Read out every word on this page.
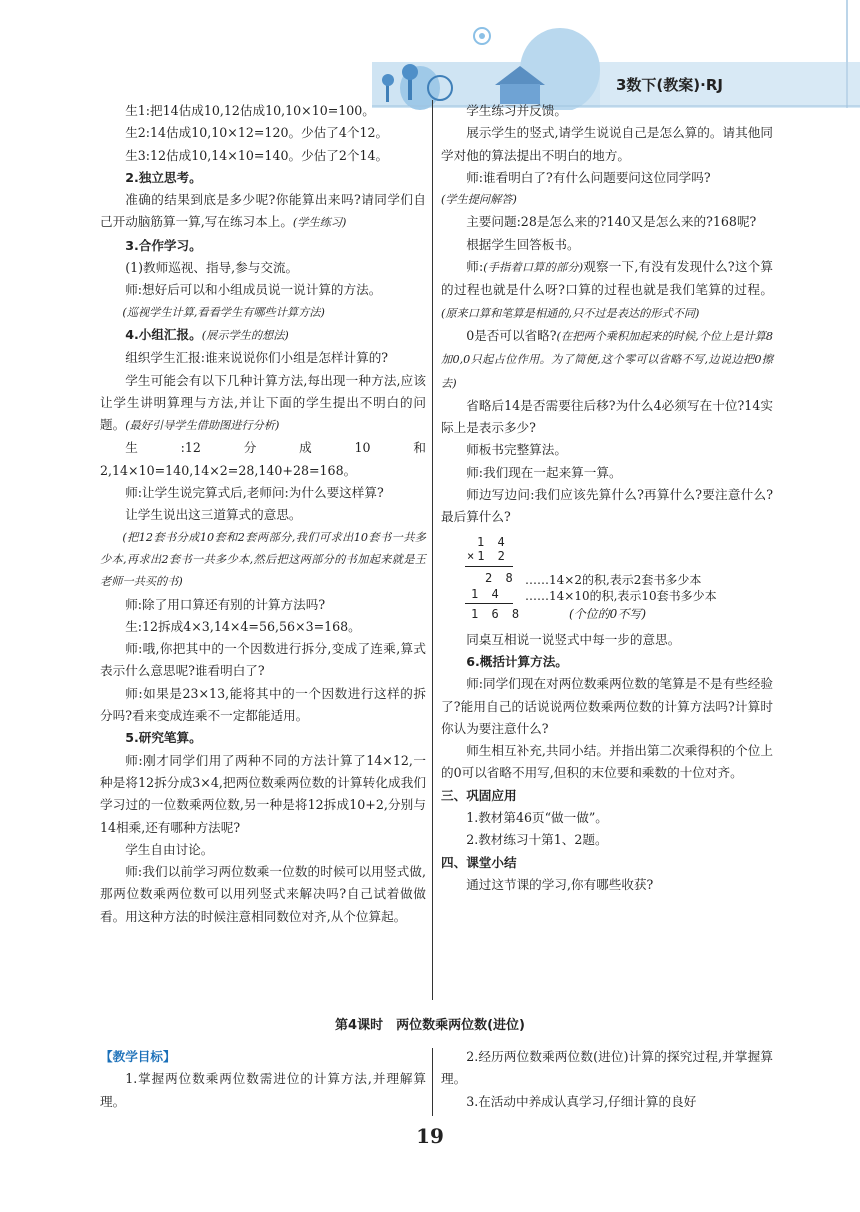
3数下(教案)·RJ

生1:把14估成10,12估成10,10×10=100。

生2:14估成10,10×12=120。少估了4个12。

生3:12估成10,14×10=140。少估了2个14。

2.独立思考。

准确的结果到底是多少呢?你能算出来吗?请同学们自己开动脑筋算一算,写在练习本上。(学生练习)

3.合作学习。

(1)教师巡视、指导,参与交流。

师:想好后可以和小组成员说一说计算的方法。

(巡视学生计算,看看学生有哪些计算方法)

4.小组汇报。(展示学生的想法)

组织学生汇报:谁来说说你们小组是怎样计算的?

学生可能会有以下几种计算方法,每出现一种方法,应该让学生讲明算理与方法,并让下面的学生提出不明白的问题。(最好引导学生借助图进行分析)

生:12分成10和2,14×10=140,14×2=28,140+28=168。

师:让学生说完算式后,老师问:为什么要这样算?

让学生说出这三道算式的意思。

(把12套书分成10套和2套两部分,我们可求出10套书一共多少本,再求出2套书一共多少本,然后把这两部分的书加起来就是王老师一共买的书)

师:除了用口算还有别的计算方法吗?

生:12拆成4×3,14×4=56,56×3=168。

师:哦,你把其中的一个因数进行拆分,变成了连乘,算式表示什么意思呢?谁看明白了?

师:如果是23×13,能将其中的一个因数进行这样的拆分吗?看来变成连乘不一定都能适用。

5.研究笔算。

师:刚才同学们用了两种不同的方法计算了14×12,一种是将12拆分成3×4,把两位数乘两位数的计算转化成我们学习过的一位数乘两位数,另一种是将12拆成10+2,分别与14相乘,还有哪种方法呢?

学生自由讨论。

师:我们以前学习两位数乘一位数的时候可以用竖式做,那两位数乘两位数可以用列竖式来解决吗?自己试着做做看。用这种方法的时候注意相同数位对齐,从个位算起。

学生练习并反馈。

展示学生的竖式,请学生说说自己是怎么算的。请其他同学对他的算法提出不明白的地方。

师:谁看明白了?有什么问题要问这位同学吗?

(学生提问解答)

主要问题:28是怎么来的?140又是怎么来的?168呢?

根据学生回答板书。

师:(手指着口算的部分)观察一下,有没有发现什么?这个算的过程也就是什么呀?口算的过程也就是我们笔算的过程。(原来口算和笔算是相通的,只不过是表达的形式不同)

0是否可以省略?(在把两个乘积加起来的时候,个位上是计算8加0,0只起占位作用。为了简便,这个零可以省略不写,边说边把0擦去)

省略后14是否需要往后移?为什么4必须写在十位?14实际上是表示多少?

师板书完整算法。

师:我们现在一起来算一算。

师边写边问:我们应该先算什么?再算什么?要注意什么?最后算什么?

1 4
×1 2
2 8 ……14×2的积,表示2套书多少本
1 4 ……14×10的积,表示10套书多少本
1 6 8	(个位的0不写)

同桌互相说一说竖式中每一步的意思。

6.概括计算方法。

师:同学们现在对两位数乘两位数的笔算是不是有些经验了?能用自己的话说说两位数乘两位数的计算方法吗?计算时你认为要注意什么?

师生相互补充,共同小结。并指出第二次乘得积的个位上的0可以省略不用写,但积的末位要和乘数的十位对齐。

三、巩固应用

1.教材第46页“做一做”。

2.教材练习十第1、2题。

四、课堂小结

通过这节课的学习,你有哪些收获?

第4课时　两位数乘两位数(进位)

【教学目标】

1.掌握两位数乘两位数需进位的计算方法,并理解算理。

2.经历两位数乘两位数(进位)计算的探究过程,并掌握算理。

3.在活动中养成认真学习,仔细计算的良好

19
